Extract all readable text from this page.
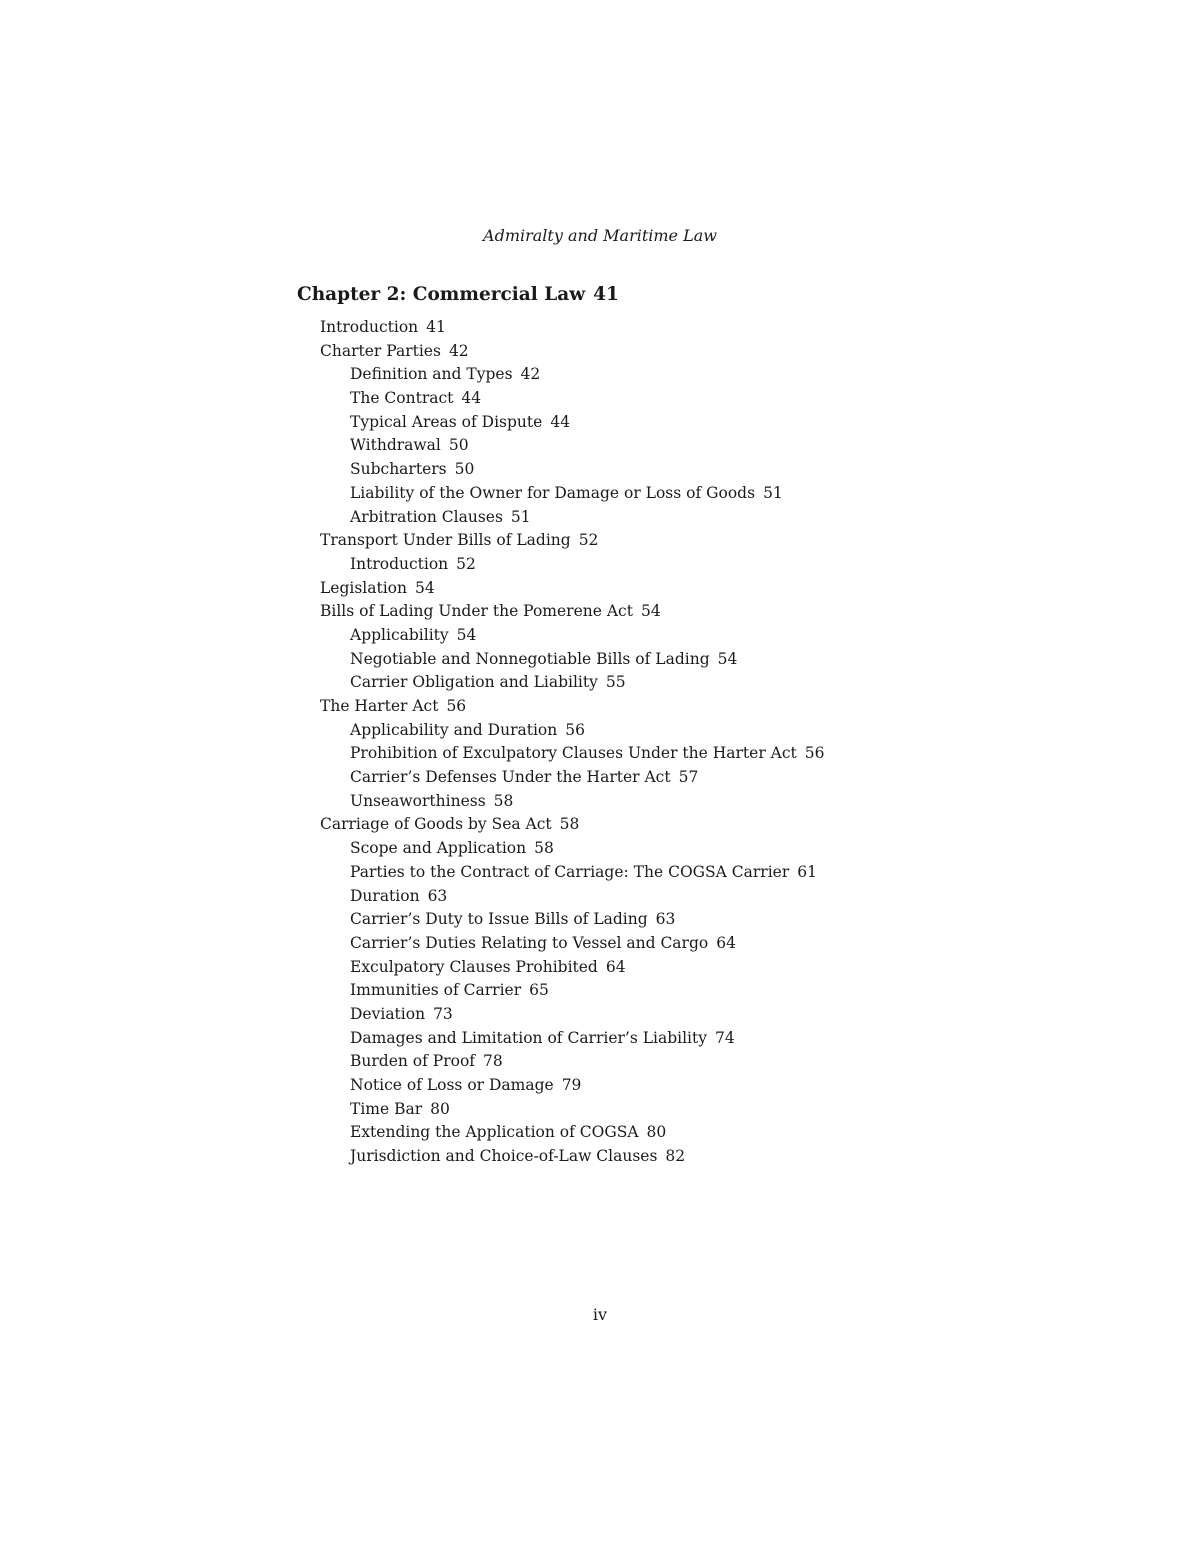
Admiralty and Maritime Law
Chapter 2: Commercial Law 41
Introduction 41
Charter Parties 42
Definition and Types 42
The Contract 44
Typical Areas of Dispute 44
Withdrawal 50
Subcharters 50
Liability of the Owner for Damage or Loss of Goods 51
Arbitration Clauses 51
Transport Under Bills of Lading 52
Introduction 52
Legislation 54
Bills of Lading Under the Pomerene Act 54
Applicability 54
Negotiable and Nonnegotiable Bills of Lading 54
Carrier Obligation and Liability 55
The Harter Act 56
Applicability and Duration 56
Prohibition of Exculpatory Clauses Under the Harter Act 56
Carrier’s Defenses Under the Harter Act 57
Unseaworthiness 58
Carriage of Goods by Sea Act 58
Scope and Application 58
Parties to the Contract of Carriage: The COGSA Carrier 61
Duration 63
Carrier’s Duty to Issue Bills of Lading 63
Carrier’s Duties Relating to Vessel and Cargo 64
Exculpatory Clauses Prohibited 64
Immunities of Carrier 65
Deviation 73
Damages and Limitation of Carrier’s Liability 74
Burden of Proof 78
Notice of Loss or Damage 79
Time Bar 80
Extending the Application of COGSA 80
Jurisdiction and Choice-of-Law Clauses 82
iv
